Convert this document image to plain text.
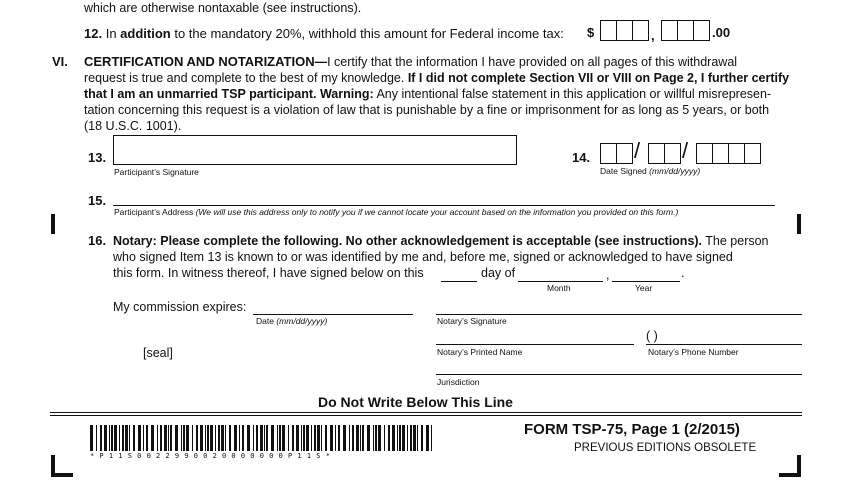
which are otherwise nontaxable (see instructions).
12. In addition to the mandatory 20%, withhold this amount for Federal income tax: $	,	.00
VI. CERTIFICATION AND NOTARIZATION—I certify that the information I have provided on all pages of this withdrawal
request is true and complete to the best of my knowledge. If I did not complete Section VII or VIII on Page 2, I further certify
that I am an unmarried TSP participant. Warning: Any intentional false statement in this application or willful misrepresen-
tation concerning this request is a violation of law that is punishable by a fine or imprisonment for as long as 5 years, or both
(18 U.S.C. 1001).
13.
Participant’s Signature
14. / /
Date Signed (mm/dd/yyyy)
15.
Participant’s Address (We will use this address only to notify you if we cannot locate your account based on the information you provided on this form.)
16. Notary: Please complete the following. No other acknowledgement is acceptable (see instructions). The person
who signed Item 13 is known to or was identified by me and, before me, signed or acknowledged to have signed
this form. In witness thereof, I have signed below on this	day of	,	.
Month	Year
My commission expires:
Date (mm/dd/yyyy)	Notary’s Signature
[seal]	Notary’s Printed Name
( )
Notary’s Phone Number
Jurisdiction
Do Not Write Below This Line
* P 1 1 S 0 0 2 2 9 9 0 0 2 0 0 0 0 0 0 0 P 1 1 S *
FORM TSP-75, Page 1 (2/2015)
PREVIOUS EDITIONS OBSOLETE
